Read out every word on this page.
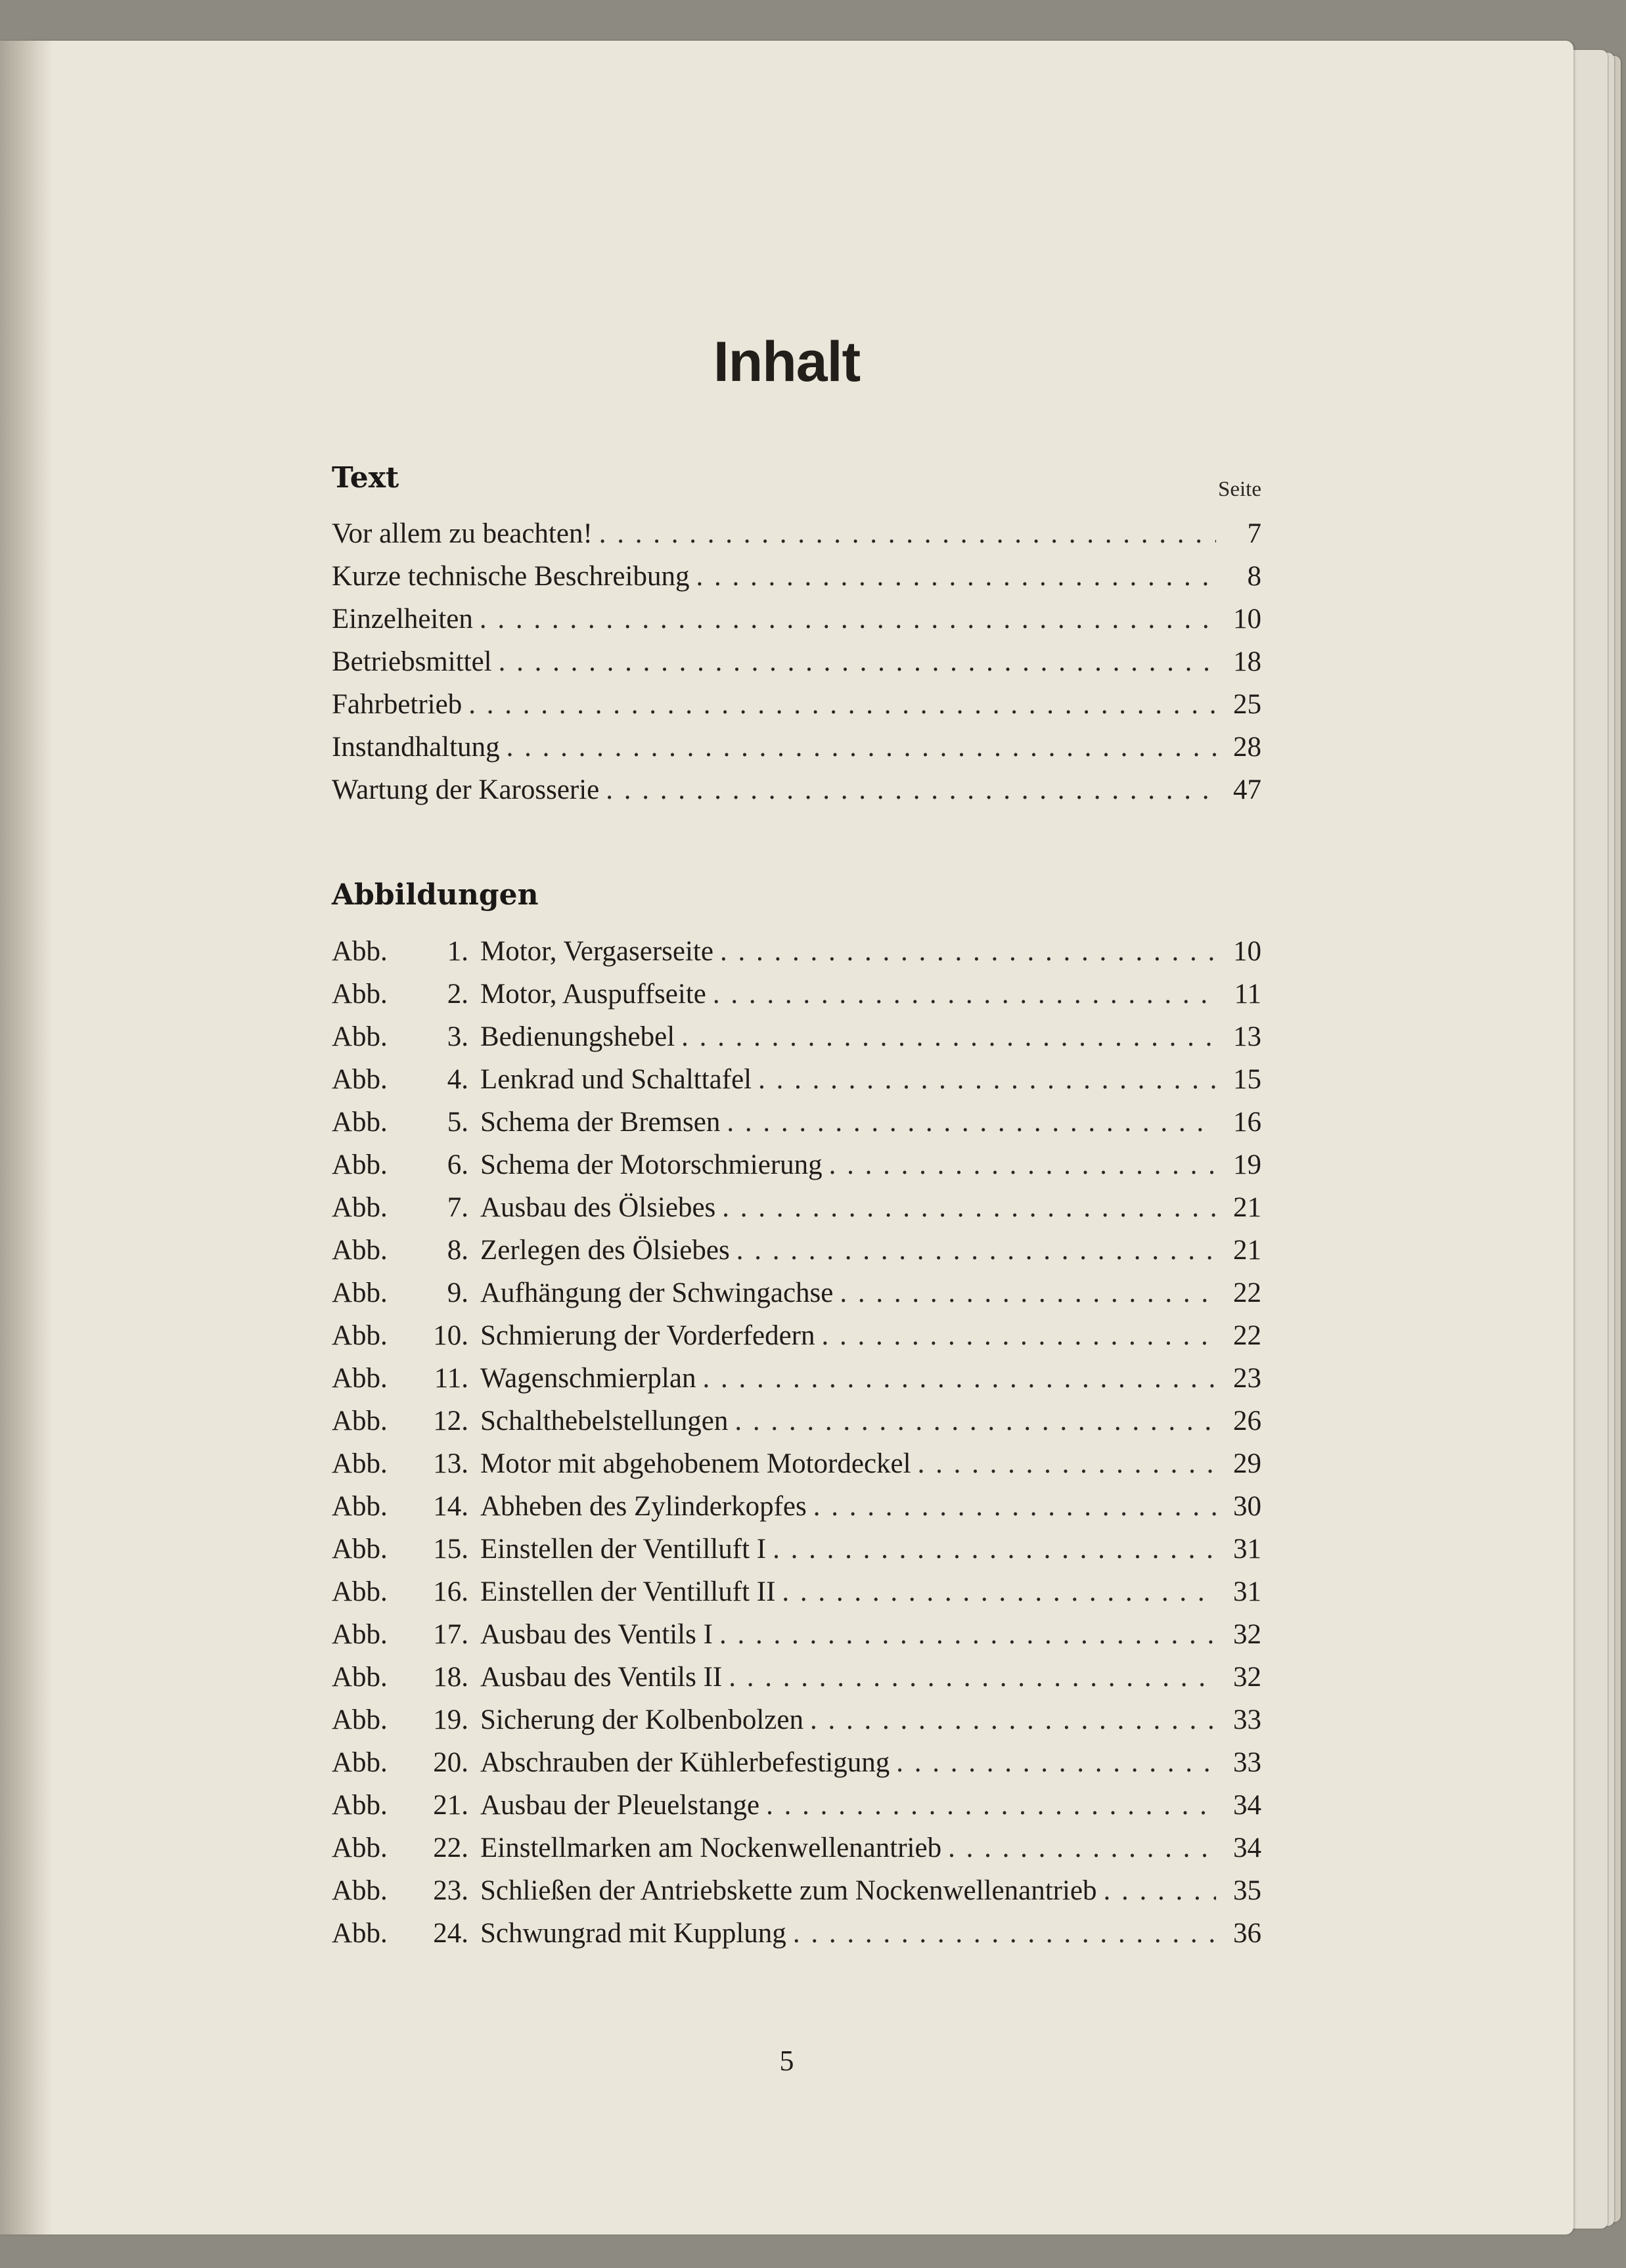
Inhalt
Text	Seite
Vor allem zu beachten! . . .	7
Kurze technische Beschreibung . . .	8
Einzelheiten . . .	10
Betriebsmittel . . .	18
Fahrbetrieb . . .	25
Instandhaltung . . .	28
Wartung der Karosserie . . .	47
Abbildungen
Abb.	1. Motor, Vergaserseite . . .	10
Abb.	2. Motor, Auspuffseite . . .	11
Abb.	3. Bedienungshebel . . .	13
Abb.	4. Lenkrad und Schalttafel . . .	15
Abb.	5. Schema der Bremsen . . .	16
Abb.	6. Schema der Motorschmierung . . .	19
Abb.	7. Ausbau des Ölsiebes . . .	21
Abb.	8. Zerlegen des Ölsiebes . . .	21
Abb.	9. Aufhängung der Schwingachse . . .	22
Abb.	10. Schmierung der Vorderfedern . . .	22
Abb.	11. Wagenschmierplan . . .	23
Abb.	12. Schalthebelstellungen . . .	26
Abb.	13. Motor mit abgehobenem Motordeckel . . .	29
Abb.	14. Abheben des Zylinderkopfes . . .	30
Abb.	15. Einstellen der Ventilluft I . . .	31
Abb.	16. Einstellen der Ventilluft II . . .	31
Abb.	17. Ausbau des Ventils I . . .	32
Abb.	18. Ausbau des Ventils II . . .	32
Abb.	19. Sicherung der Kolbenbolzen . . .	33
Abb.	20. Abschrauben der Kühlerbefestigung . . .	33
Abb.	21. Ausbau der Pleuelstange . . .	34
Abb.	22. Einstellmarken am Nockenwellenantrieb . . .	34
Abb.	23. Schließen der Antriebskette zum Nockenwellenantrieb . . .	35
Abb.	24. Schwungrad mit Kupplung . . .	36
5
